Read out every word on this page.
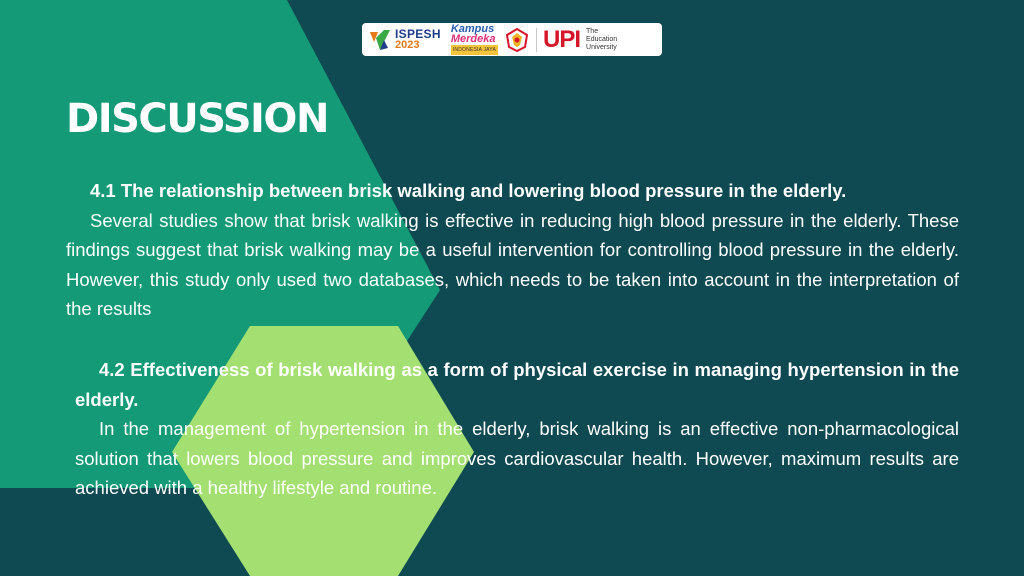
ISPESH
2023
Kampus
Merdeka
INDONESIA JAYA UPI The
Education
University
DISCUSSION

4.1 The relationship between brisk walking and lowering blood pressure in the elderly.

Several studies show that brisk walking is effective in reducing high blood pressure in the elderly. These findings suggest that brisk walking may be a useful intervention for controlling blood pressure in the elderly. However, this study only used two databases, which needs to be taken into account in the interpretation of the results

4.2 Effectiveness of brisk walking as a form of physical exercise in managing hypertension in the elderly.

In the management of hypertension in the elderly, brisk walking is an effective non-pharmacological solution that lowers blood pressure and improves cardiovascular health. However, maximum results are achieved with a healthy lifestyle and routine.
